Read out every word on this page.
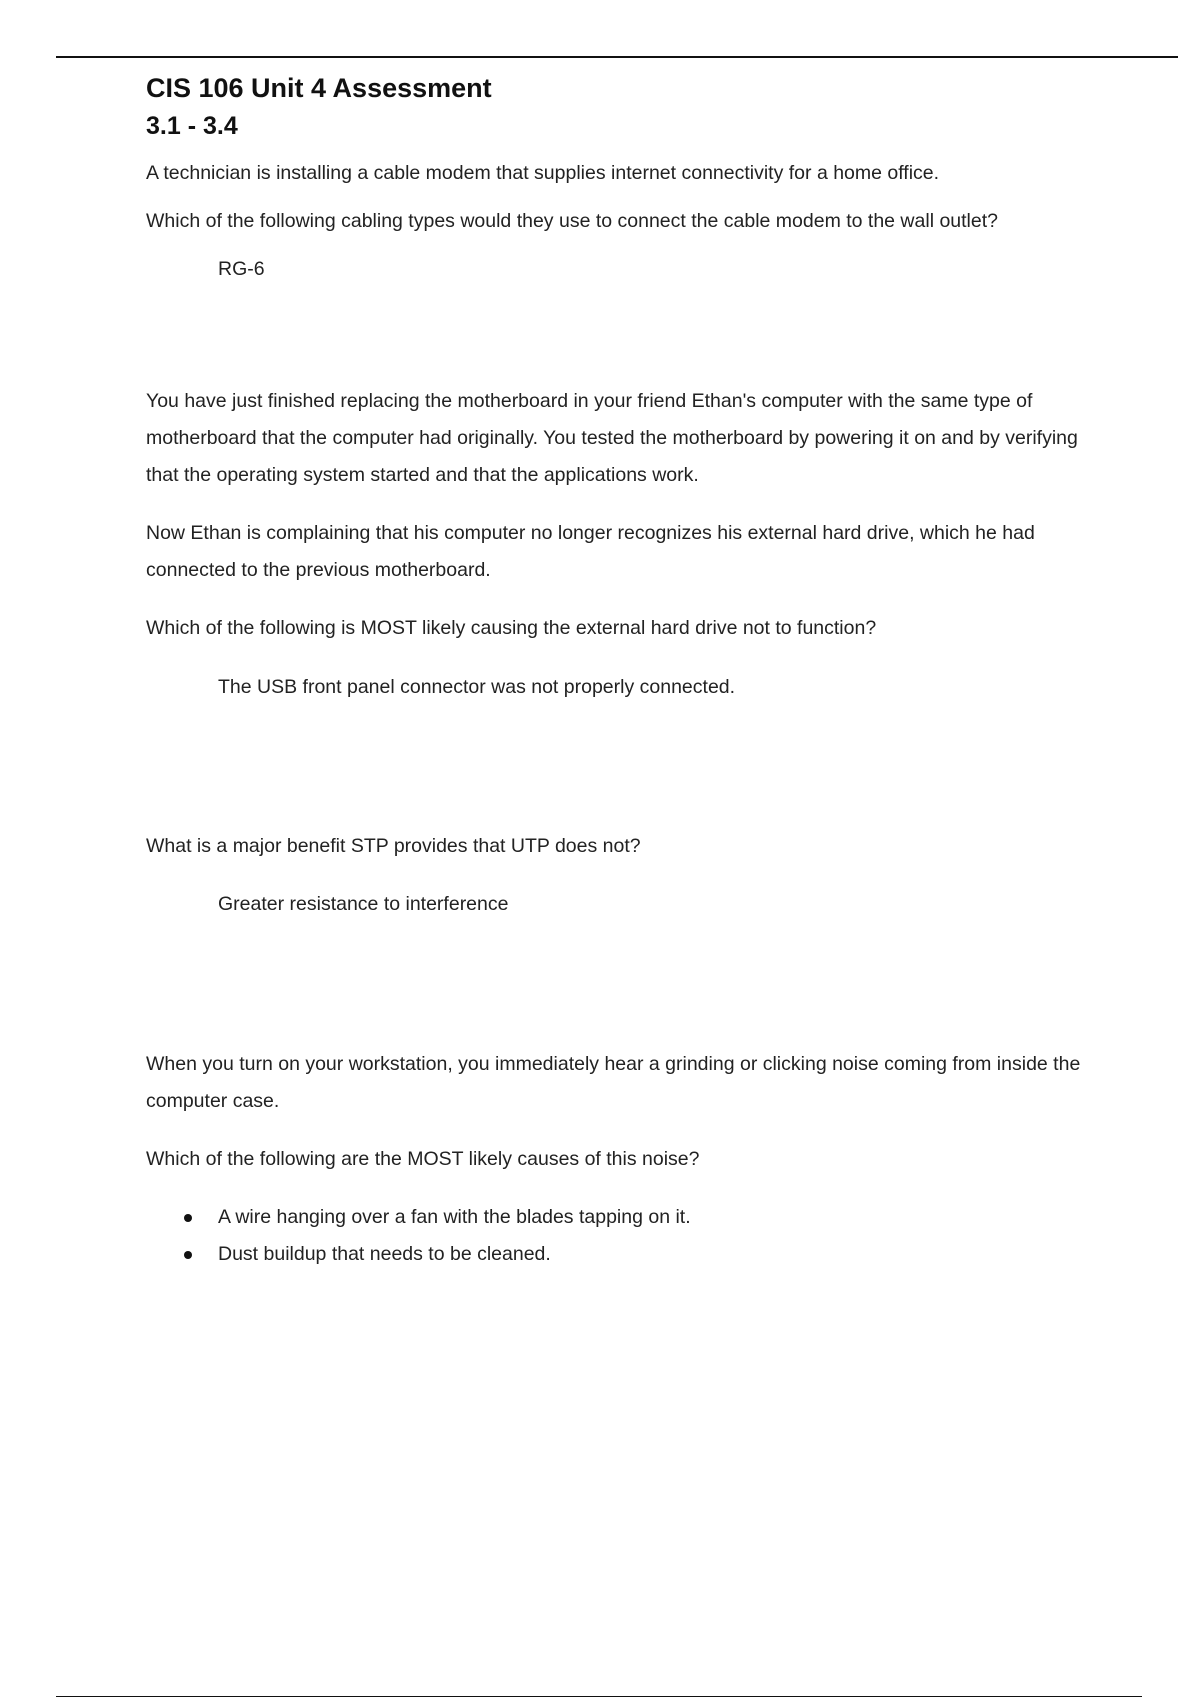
CIS 106 Unit 4 Assessment
3.1 - 3.4

A technician is installing a cable modem that supplies internet connectivity for a home office.

Which of the following cabling types would they use to connect the cable modem to the wall outlet?

RG-6

You have just finished replacing the motherboard in your friend Ethan's computer with the same type of motherboard that the computer had originally. You tested the motherboard by powering it on and by verifying that the operating system started and that the applications work.

Now Ethan is complaining that his computer no longer recognizes his external hard drive, which he had connected to the previous motherboard.

Which of the following is MOST likely causing the external hard drive not to function?

The USB front panel connector was not properly connected.

What is a major benefit STP provides that UTP does not?

Greater resistance to interference

When you turn on your workstation, you immediately hear a grinding or clicking noise coming from inside the computer case.

Which of the following are the MOST likely causes of this noise?

A wire hanging over a fan with the blades tapping on it.
Dust buildup that needs to be cleaned.
